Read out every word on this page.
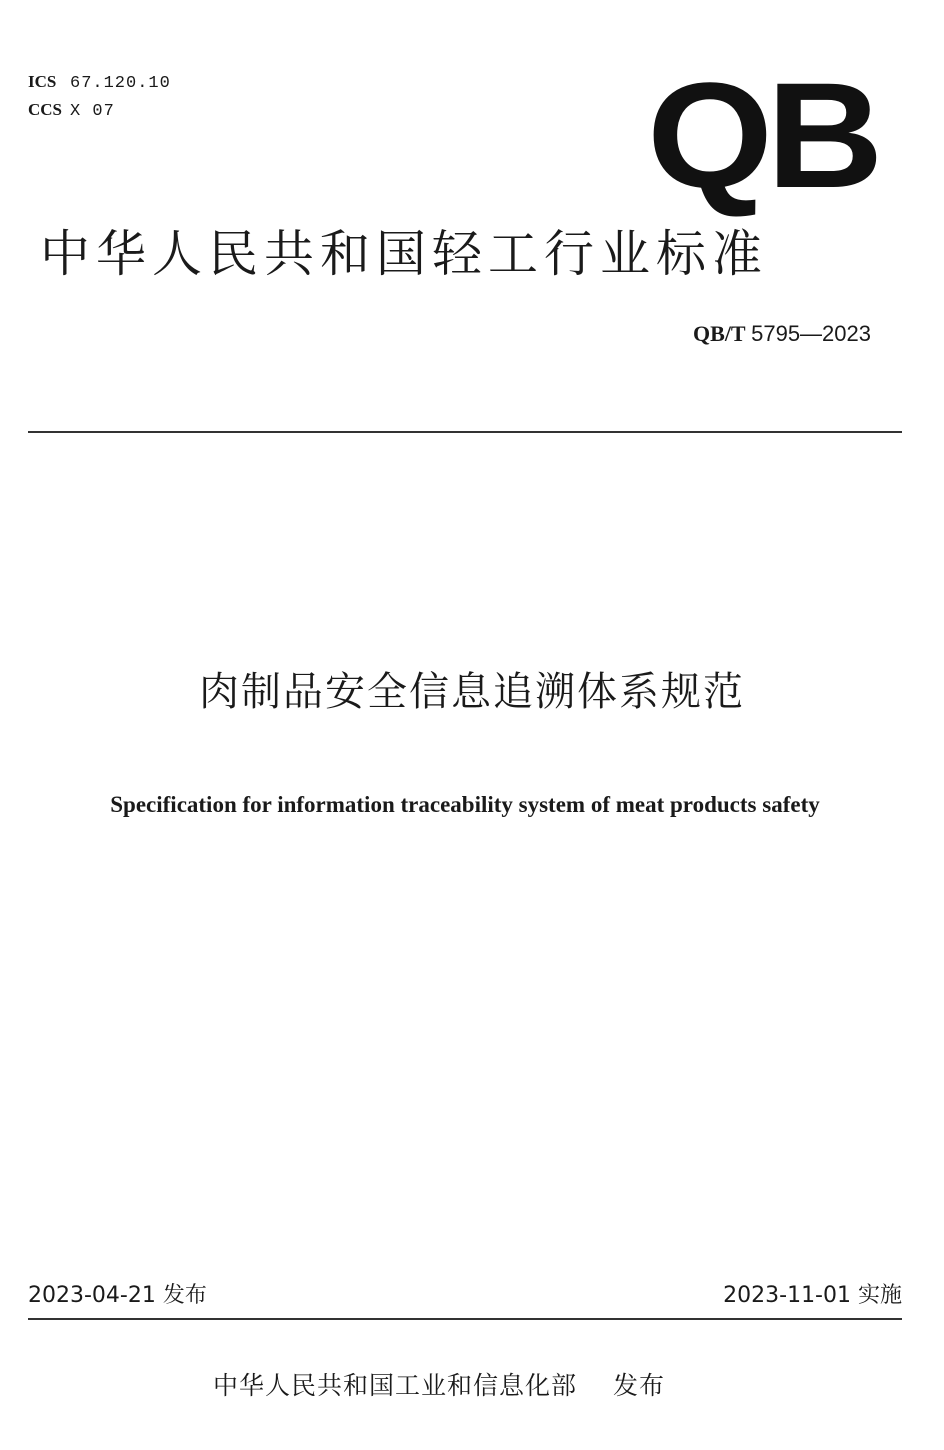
ICS 67.120.10
CCS X 07	QB
中华人民共和国轻工行业标准
QB/T 5795—2023
肉制品安全信息追溯体系规范
Specification for information traceability system of meat products safety
2023-04-21 发布	2023-11-01 实施
中华人民共和国工业和信息化部 发布
